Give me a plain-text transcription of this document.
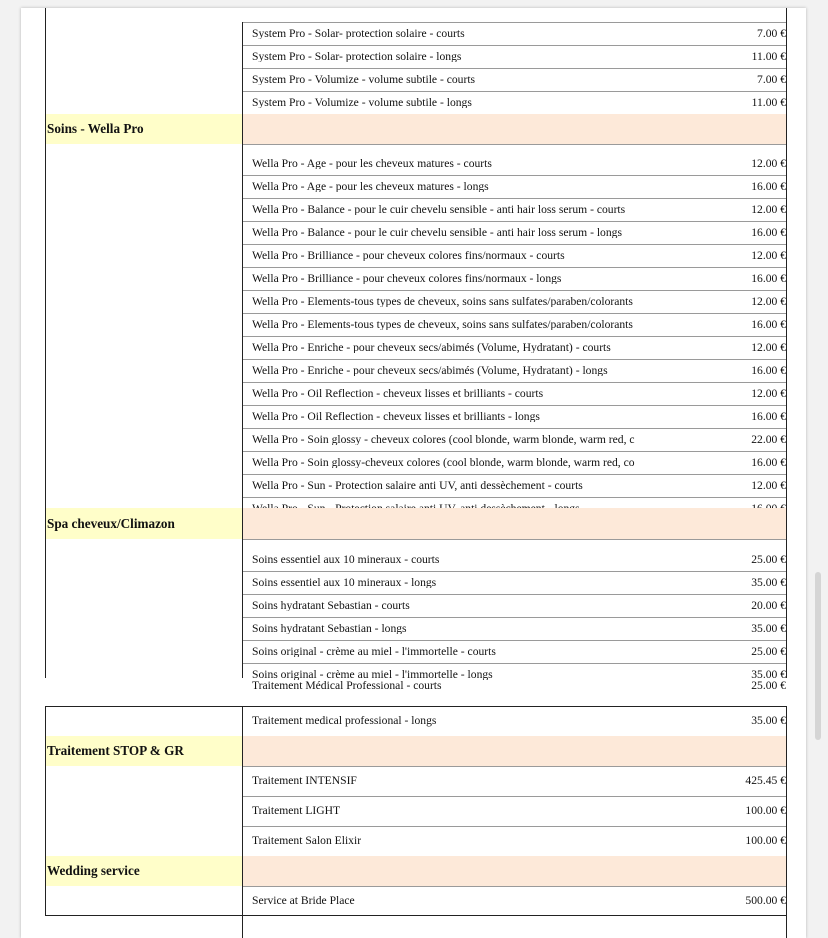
System Pro - Solar- protection solaire - courts	7.00 €
System Pro - Solar- protection solaire - longs	11.00 €
System Pro - Volumize - volume subtile - courts	7.00 €
System Pro - Volumize - volume subtile - longs	11.00 €
Soins - Wella Pro
Wella Pro - Age - pour les cheveux matures - courts	12.00 €
Wella Pro - Age - pour les cheveux matures - longs	16.00 €
Wella Pro - Balance - pour le cuir chevelu sensible - anti hair loss serum - courts	12.00 €
Wella Pro - Balance - pour le cuir chevelu sensible - anti hair loss serum - longs	16.00 €
Wella Pro - Brilliance - pour cheveux colores fins/normaux - courts	12.00 €
Wella Pro - Brilliance - pour cheveux colores fins/normaux - longs	16.00 €
Wella Pro - Elements-tous types de cheveux, soins sans sulfates/paraben/colorants	12.00 €
Wella Pro - Elements-tous types de cheveux, soins sans sulfates/paraben/colorants	16.00 €
Wella Pro - Enriche - pour cheveux secs/abimés (Volume, Hydratant) - courts	12.00 €
Wella Pro - Enriche - pour cheveux secs/abimés (Volume, Hydratant) - longs	16.00 €
Wella Pro - Oil Reflection - cheveux lisses et brilliants - courts	12.00 €
Wella Pro - Oil Reflection - cheveux lisses et brilliants - longs	16.00 €
Wella Pro - Soin glossy - cheveux colores (cool blonde, warm blonde, warm red, c	22.00 €
Wella Pro - Soin glossy-cheveux colores (cool blonde, warm blonde, warm red, co	16.00 €
Wella Pro - Sun - Protection salaire anti UV, anti dessèchement - courts	12.00 €
Spa cheveux/Climazon
Soins essentiel aux 10 mineraux - courts	25.00 €
Soins essentiel aux 10 mineraux - longs	35.00 €
Soins hydratant Sebastian - courts	20.00 €
Soins hydratant Sebastian - longs	35.00 €
Soins original - crème au miel - l'immortelle - courts	25.00 €
Soins original - crème au miel - l'immortelle - longs	35.00 €
Traitement Médical Professional - courts	25.00 €
Traitement medical professional - longs	35.00 €
Traitement STOP & GR
Traitement INTENSIF	425.45 €
Traitement LIGHT	100.00 €
Traitement Salon Elixir	100.00 €
Wedding service
Service at Bride Place	500.00 €
